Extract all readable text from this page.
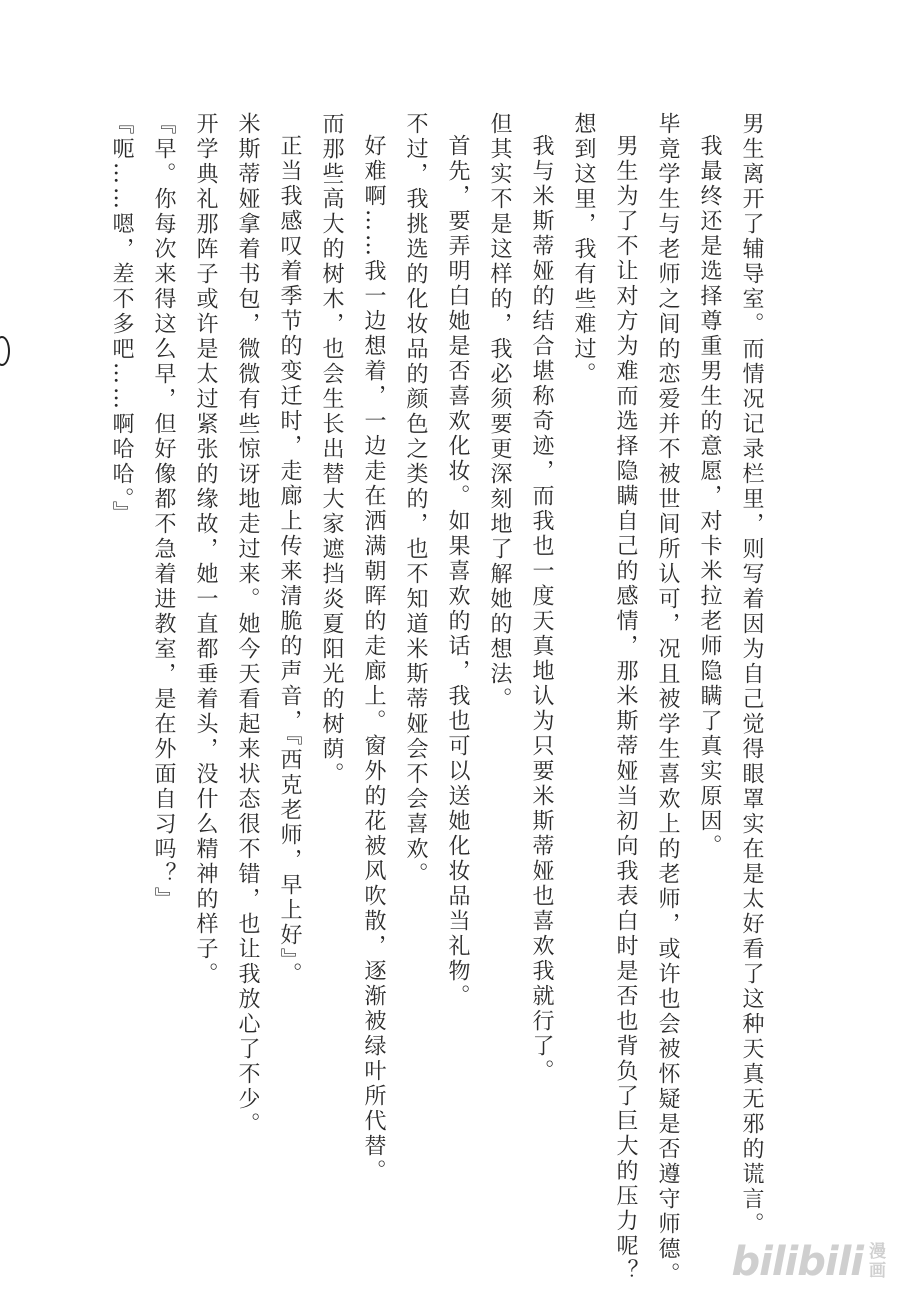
男生离开了辅导室。而情况记录栏里，则写着因为自己觉得眼罩实在是太好看了这种天真无邪的谎言。

我最终还是选择尊重男生的意愿，对卡米拉老师隐瞒了真实原因。

毕竟学生与老师之间的恋爱并不被世间所认可，况且被学生喜欢上的老师，或许也会被怀疑是否遵守师德。

男生为了不让对方为难而选择隐瞒自己的感情，那米斯蒂娅当初向我表白时是否也背负了巨大的压力呢？

想到这里，我有些难过。

我与米斯蒂娅的结合堪称奇迹，而我也一度天真地认为只要米斯蒂娅也喜欢我就行了。

但其实不是这样的，我必须要更深刻地了解她的想法。

首先，要弄明白她是否喜欢化妆。如果喜欢的话，我也可以送她化妆品当礼物。

不过，我挑选的化妆品的颜色之类的，也不知道米斯蒂娅会不会喜欢。

好难啊……我一边想着，一边走在洒满朝晖的走廊上。窗外的花被风吹散，逐渐被绿叶所代替。

而那些高大的树木，也会生长出替大家遮挡炎夏阳光的树荫。

正当我感叹着季节的变迁时，走廊上传来清脆的声音，『西克老师，早上好』。

米斯蒂娅拿着书包，微微有些惊讶地走过来。她今天看起来状态很不错，也让我放心了不少。

开学典礼那阵子或许是太过紧张的缘故，她一直都垂着头，没什么精神的样子。

『早。你每次来得这么早，但好像都不急着进教室，是在外面自习吗？』

『呃……嗯，差不多吧……啊哈哈。』

bilibili 漫
画
